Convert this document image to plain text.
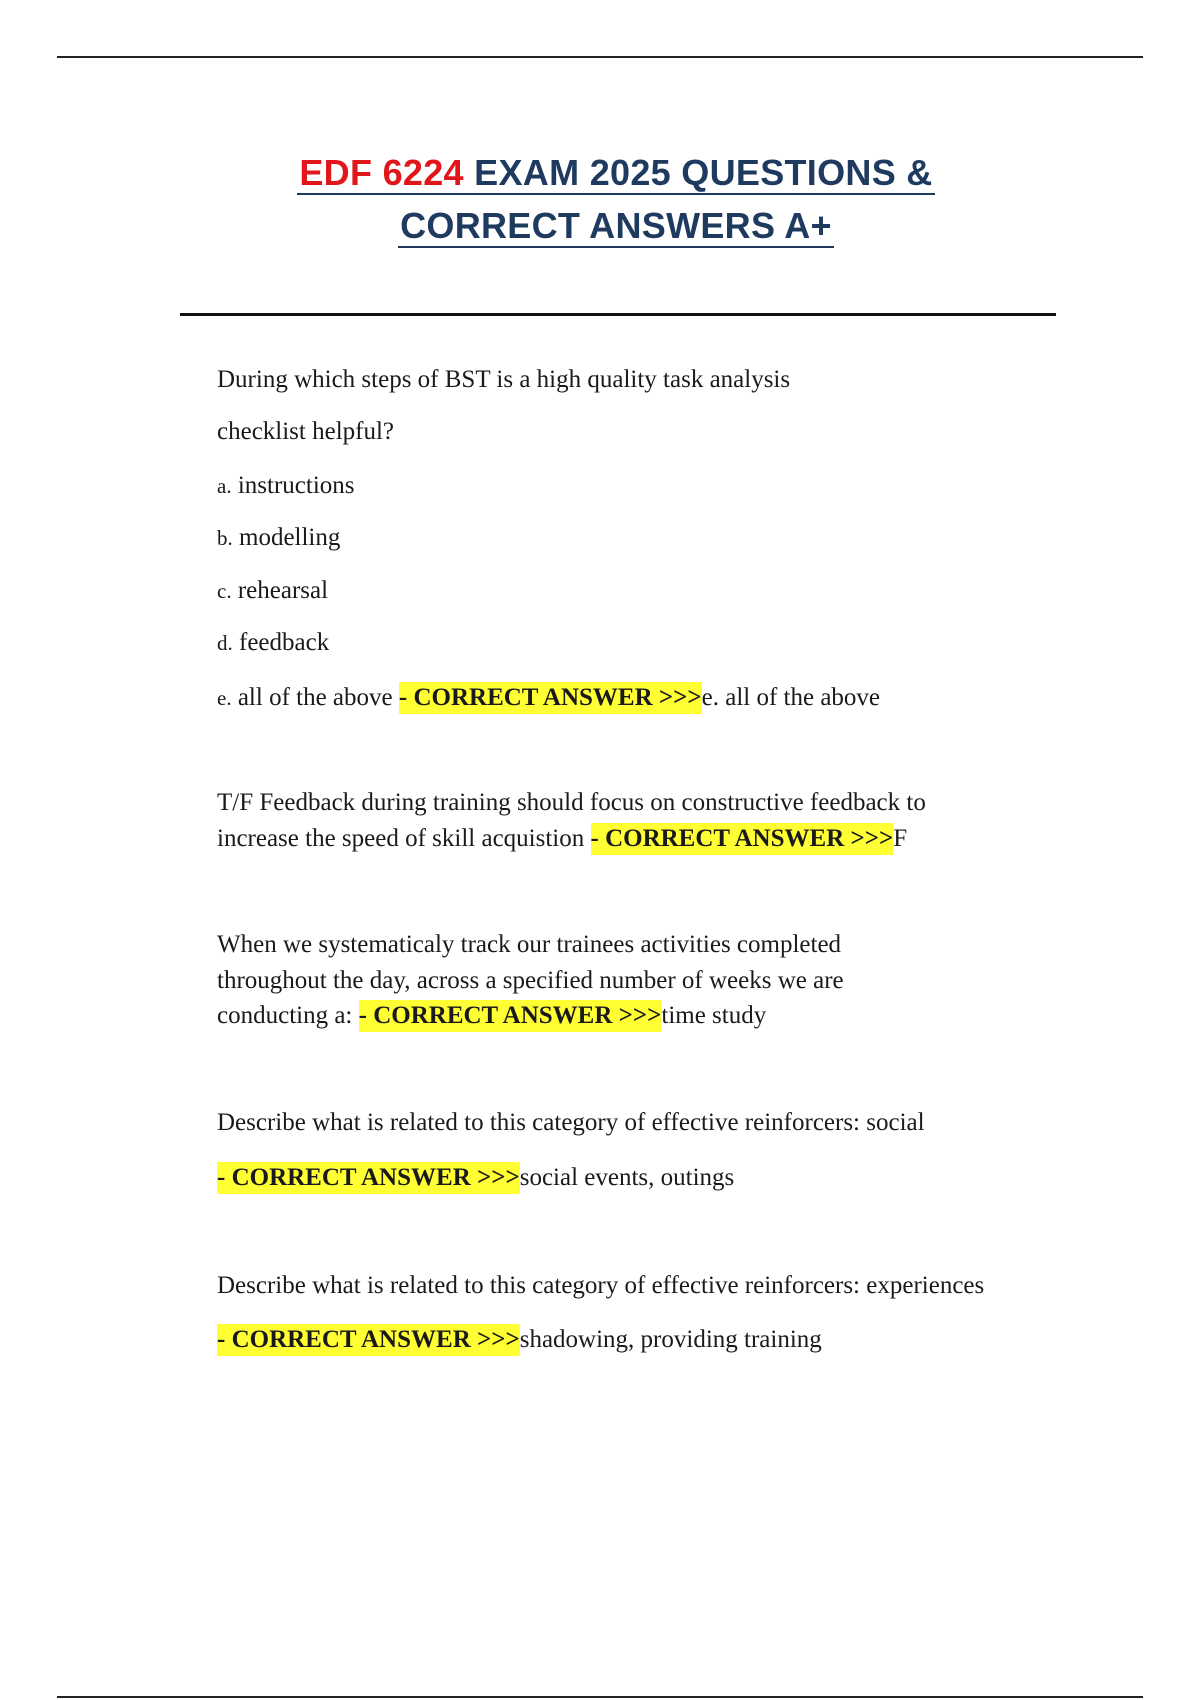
EDF 6224 EXAM 2025 QUESTIONS &
CORRECT ANSWERS A+
During which steps of BST is a high quality task analysis
checklist helpful?
a. instructions
b. modelling
c. rehearsal
d. feedback
e. all of the above - CORRECT ANSWER >>>e. all of the above
T/F Feedback during training should focus on constructive feedback to
increase the speed of skill acquistion - CORRECT ANSWER >>>F
When we systematicaly track our trainees activities completed
throughout the day, across a specified number of weeks we are
conducting a: - CORRECT ANSWER >>>time study
Describe what is related to this category of effective reinforcers: social
- CORRECT ANSWER >>>social events, outings
Describe what is related to this category of effective reinforcers: experiences
- CORRECT ANSWER >>>shadowing, providing training
